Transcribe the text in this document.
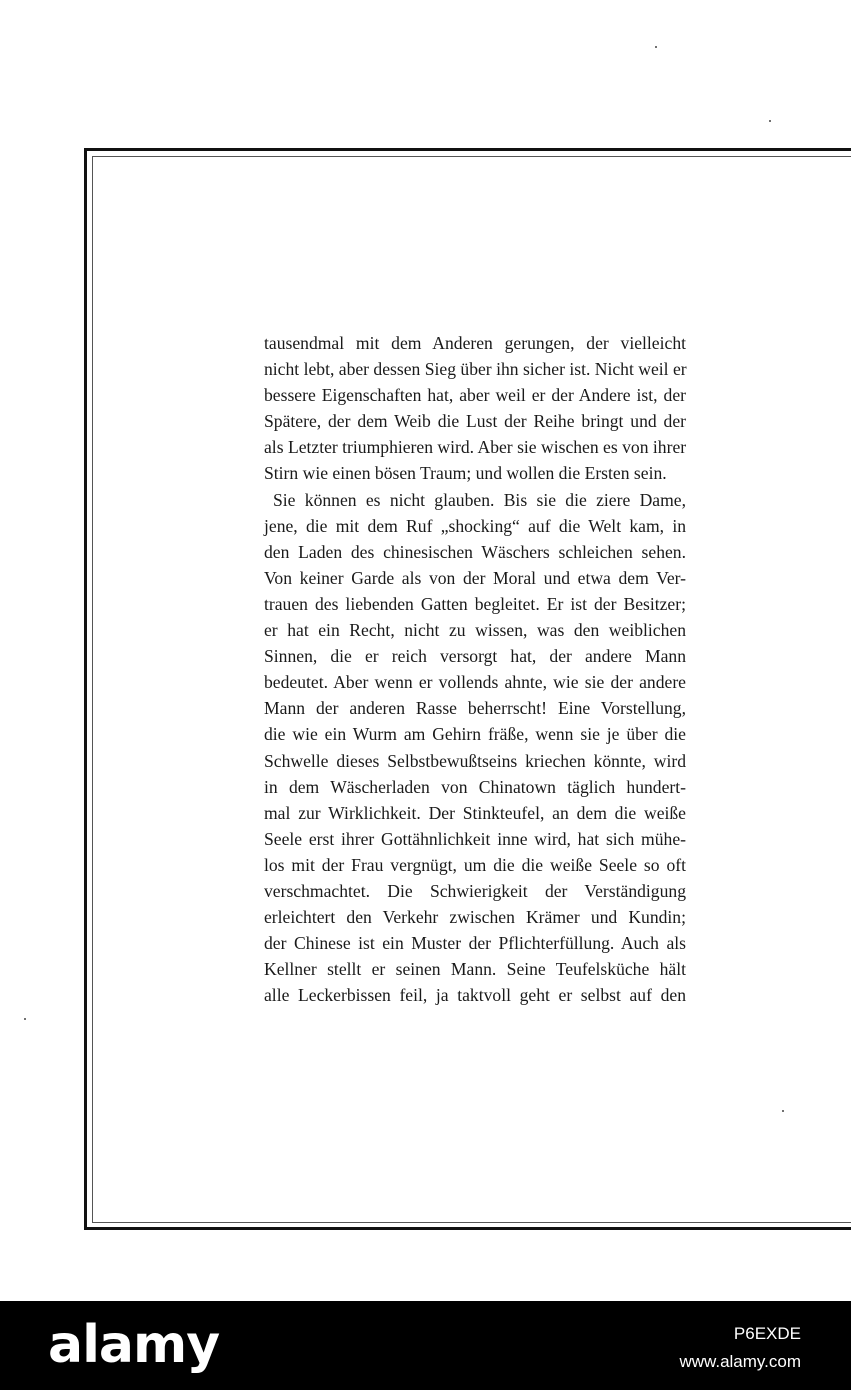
tausendmal mit dem Anderen gerungen, der vielleicht
nicht lebt, aber dessen Sieg über ihn sicher ist. Nicht weil er
bessere Eigenschaften hat, aber weil er der Andere ist, der
Spätere, der dem Weib die Lust der Reihe bringt und der
als Letzter triumphieren wird. Aber sie wischen es von ihrer
Stirn wie einen bösen Traum; und wollen die Ersten sein.
Sie können es nicht glauben. Bis sie die ziere Dame,
jene, die mit dem Ruf „shocking“ auf die Welt kam, in
den Laden des chinesischen Wäschers schleichen sehen.
Von keiner Garde als von der Moral und etwa dem Ver-
trauen des liebenden Gatten begleitet. Er ist der Besitzer;
er hat ein Recht, nicht zu wissen, was den weiblichen
Sinnen, die er reich versorgt hat, der andere Mann
bedeutet. Aber wenn er vollends ahnte, wie sie der andere
Mann der anderen Rasse beherrscht! Eine Vorstellung,
die wie ein Wurm am Gehirn fräße, wenn sie je über die
Schwelle dieses Selbstbewußtseins kriechen könnte, wird
in dem Wäscherladen von Chinatown täglich hundert-
mal zur Wirklichkeit. Der Stinkteufel, an dem die weiße
Seele erst ihrer Gottähnlichkeit inne wird, hat sich mühe-
los mit der Frau vergnügt, um die die weiße Seele so oft
verschmachtet. Die Schwierigkeit der Verständigung
erleichtert den Verkehr zwischen Krämer und Kundin;
der Chinese ist ein Muster der Pflichterfüllung. Auch als
Kellner stellt er seinen Mann. Seine Teufelsküche hält
alle Leckerbissen feil, ja taktvoll geht er selbst auf den
alamy	P6EXDE
www.alamy.com
